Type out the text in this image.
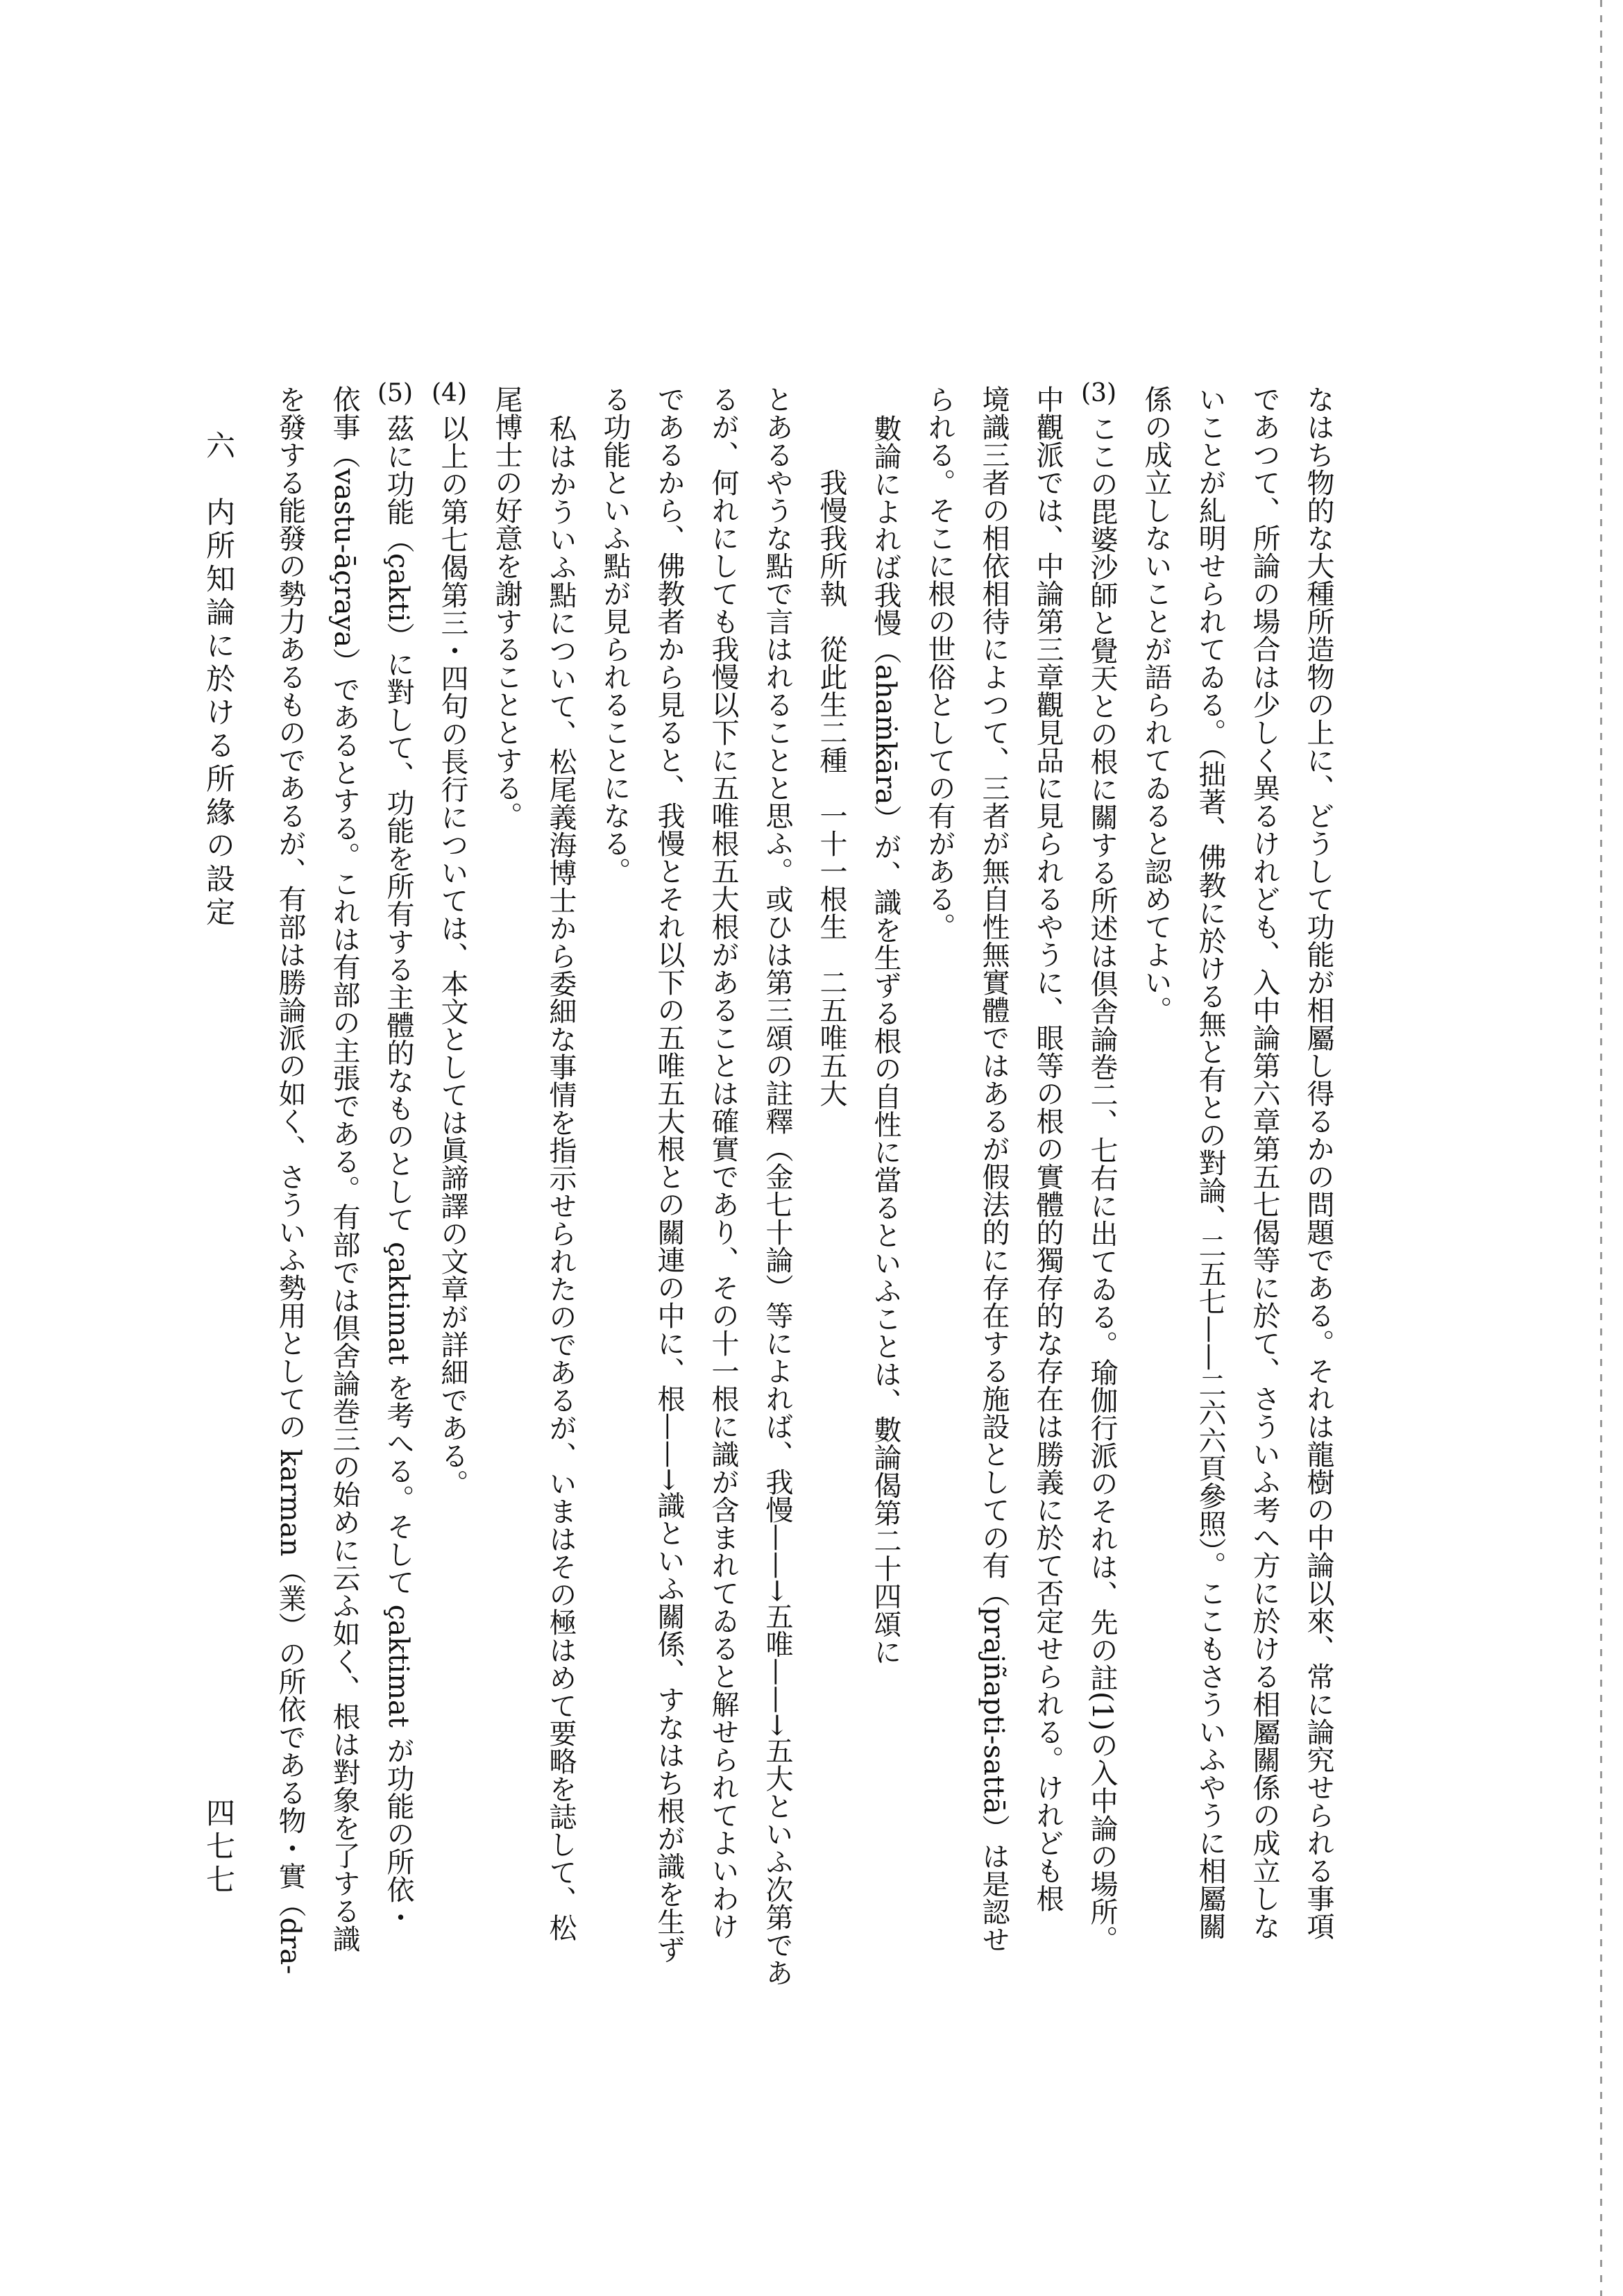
なはち物的な大種所造物の上に、どうして功能が相屬し得るかの問題である。それは龍樹の中論以來、常に論究せられる事項

であつて、所論の場合は少しく異るけれども、入中論第六章第五七偈等に於て、さういふ考へ方に於ける相屬關係の成立しな

いことが糺明せられてゐる。（拙著、佛教に於ける無と有との對論、二五七——二六六頁參照）。ここもさういふやうに相屬關

係の成立しないことが語られてゐると認めてよい。

(3)
ここの毘婆沙師と覺天との根に關する所述は倶舎論巻二、七右に出てゐる。瑜伽行派のそれは、先の註(1)の入中論の場所。

中觀派では、中論第三章觀見品に見られるやうに、眼等の根の實體的獨存的な存在は勝義に於て否定せられる。けれども根

境識三者の相依相待によつて、三者が無自性無實體ではあるが假法的に存在する施設としての有（prajñapti-sattā）は是認せ

られる。そこに根の世俗としての有がある。

數論によれば我慢（ahaṁkāra）が、識を生ずる根の自性に當るといふことは、數論偈第二十四頌に

我慢我所執　從此生二種　一十一根生　二五唯五大

とあるやうな點で言はれることと思ふ。或ひは第三頌の註釋（金七十論）等によれば、我慢——→五唯——→五大といふ次第であ

るが、何れにしても我慢以下に五唯根五大根があることは確實であり、その十一根に識が含まれてゐると解せられてよいわけ

であるから、佛教者から見ると、我慢とそれ以下の五唯五大根との關連の中に、根——→識といふ關係、すなはち根が識を生ず

る功能といふ點が見られることになる。

私はかういふ點について、松尾義海博士から委細な事情を指示せられたのであるが、いまはその極はめて要略を誌して、松

尾博士の好意を謝することとする。

(4)
以上の第七偈第三・四句の長行については、本文としては眞諦譯の文章が詳細である。
(5)
茲に功能（çakti）に對して、功能を所有する主體的なものとして çaktimat を考へる。そして çaktimat が功能の所依・

依事（vastu-āçraya）であるとする。これは有部の主張である。有部では倶舍論巻三の始めに云ふ如く、根は對象を了する識

を發する能發の勢力あるものであるが、有部は勝論派の如く、さういふ勢用としての karman（業）の所依である物・實（dra-

四七七
六　内所知論に於ける所緣の設定
